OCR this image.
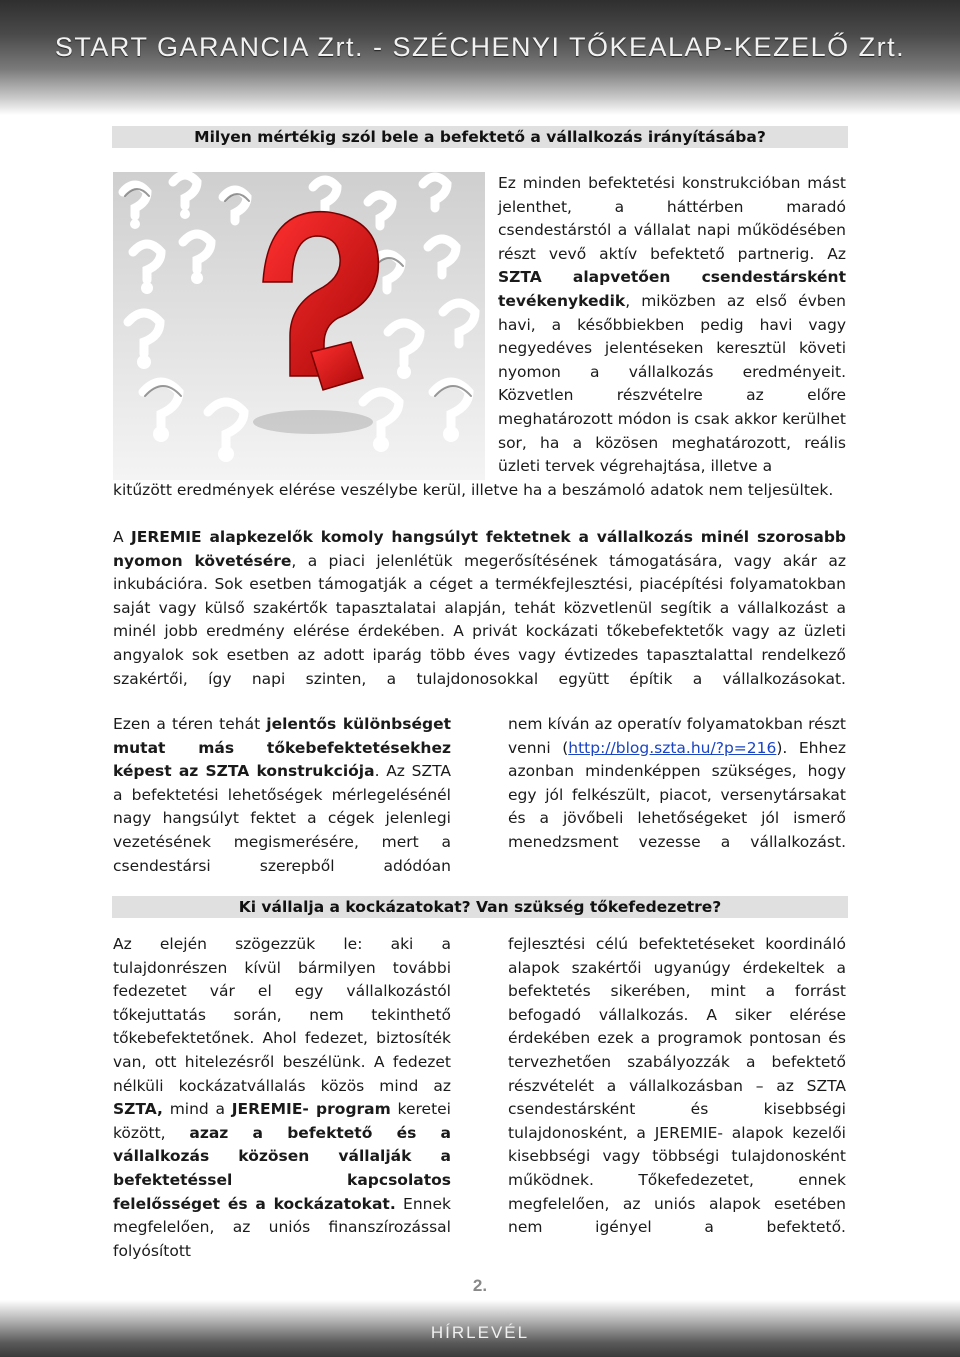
START GARANCIA Zrt. - SZÉCHENYI TŐKEALAP-KEZELŐ Zrt.
Milyen mértékig szól bele a befektető a vállalkozás irányításába?
Ez minden befektetési konstrukcióban mást jelenthet, a háttérben maradó csendestárstól a vállalat napi működésében részt vevő aktív befektető partnerig. Az SZTA alapvetően csendestársként tevékenykedik, miközben az első évben havi, a későbbiekben pedig havi vagy negyedéves jelentéseken keresztül követi nyomon a vállalkozás eredményeit. Közvetlen részvételre az előre meghatározott módon is csak akkor kerülhet sor, ha a közösen meghatározott, reális üzleti tervek végrehajtása, illetve a
kitűzött eredmények elérése veszélybe kerül, illetve ha a beszámoló adatok nem teljesültek.
A JEREMIE alapkezelők komoly hangsúlyt fektetnek a vállalkozás minél szorosabb nyomon követésére, a piaci jelenlétük megerősítésének támogatására, vagy akár az inkubációra. Sok esetben támogatják a céget a termékfejlesztési, piacépítési folyamatokban saját vagy külső szakértők tapasztalatai alapján, tehát közvetlenül segítik a vállalkozást a minél jobb eredmény elérése érdekében. A privát kockázati tőkebefektetők vagy az üzleti angyalok sok esetben az adott iparág több éves vagy évtizedes tapasztalattal rendelkező szakértői, így napi szinten, a tulajdonosokkal együtt építik a vállalkozásokat.
Ezen a téren tehát jelentős különbséget mutat más tőkebefektetésekhez képest az SZTA konstrukciója. Az SZTA a befektetési lehetőségek mérlegelésénél nagy hangsúlyt fektet a cégek jelenlegi vezetésének megismerésére, mert a csendestársi szerepből adódóan
nem kíván az operatív folyamatokban részt venni (http://blog.szta.hu/?p=216). Ehhez azonban mindenképpen szükséges, hogy egy jól felkészült, piacot, versenytársakat és a jövőbeli lehetőségeket jól ismerő menedzsment vezesse a vállalkozást.
Ki vállalja a kockázatokat? Van szükség tőkefedezetre?
Az elején szögezzük le: aki a tulajdonrészen kívül bármilyen további fedezetet vár el egy vállalkozástól tőkejuttatás során, nem tekinthető tőkebefektetőnek. Ahol fedezet, biztosíték van, ott hitelezésről beszélünk. A fedezet nélküli kockázatvállalás közös mind az SZTA, mind a JEREMIE- program keretei között, azaz a befektető és a vállalkozás közösen vállalják a befektetéssel kapcsolatos felelősséget és a kockázatokat. Ennek megfelelően, az uniós finanszírozással folyósított
fejlesztési célú befektetéseket koordináló alapok szakértői ugyanúgy érdekeltek a befektetés sikerében, mint a forrást befogadó vállalkozás. A siker elérése érdekében ezek a programok pontosan és tervezhetően szabályozzák a befektető részvételét a vállalkozásban – az SZTA csendestársként és kisebbségi tulajdonosként, a JEREMIE- alapok kezelői kisebbségi vagy többségi tulajdonosként működnek. Tőkefedezetet, ennek megfelelően, az uniós alapok esetében nem igényel a befektető.
2.
HÍRLEVÉL
